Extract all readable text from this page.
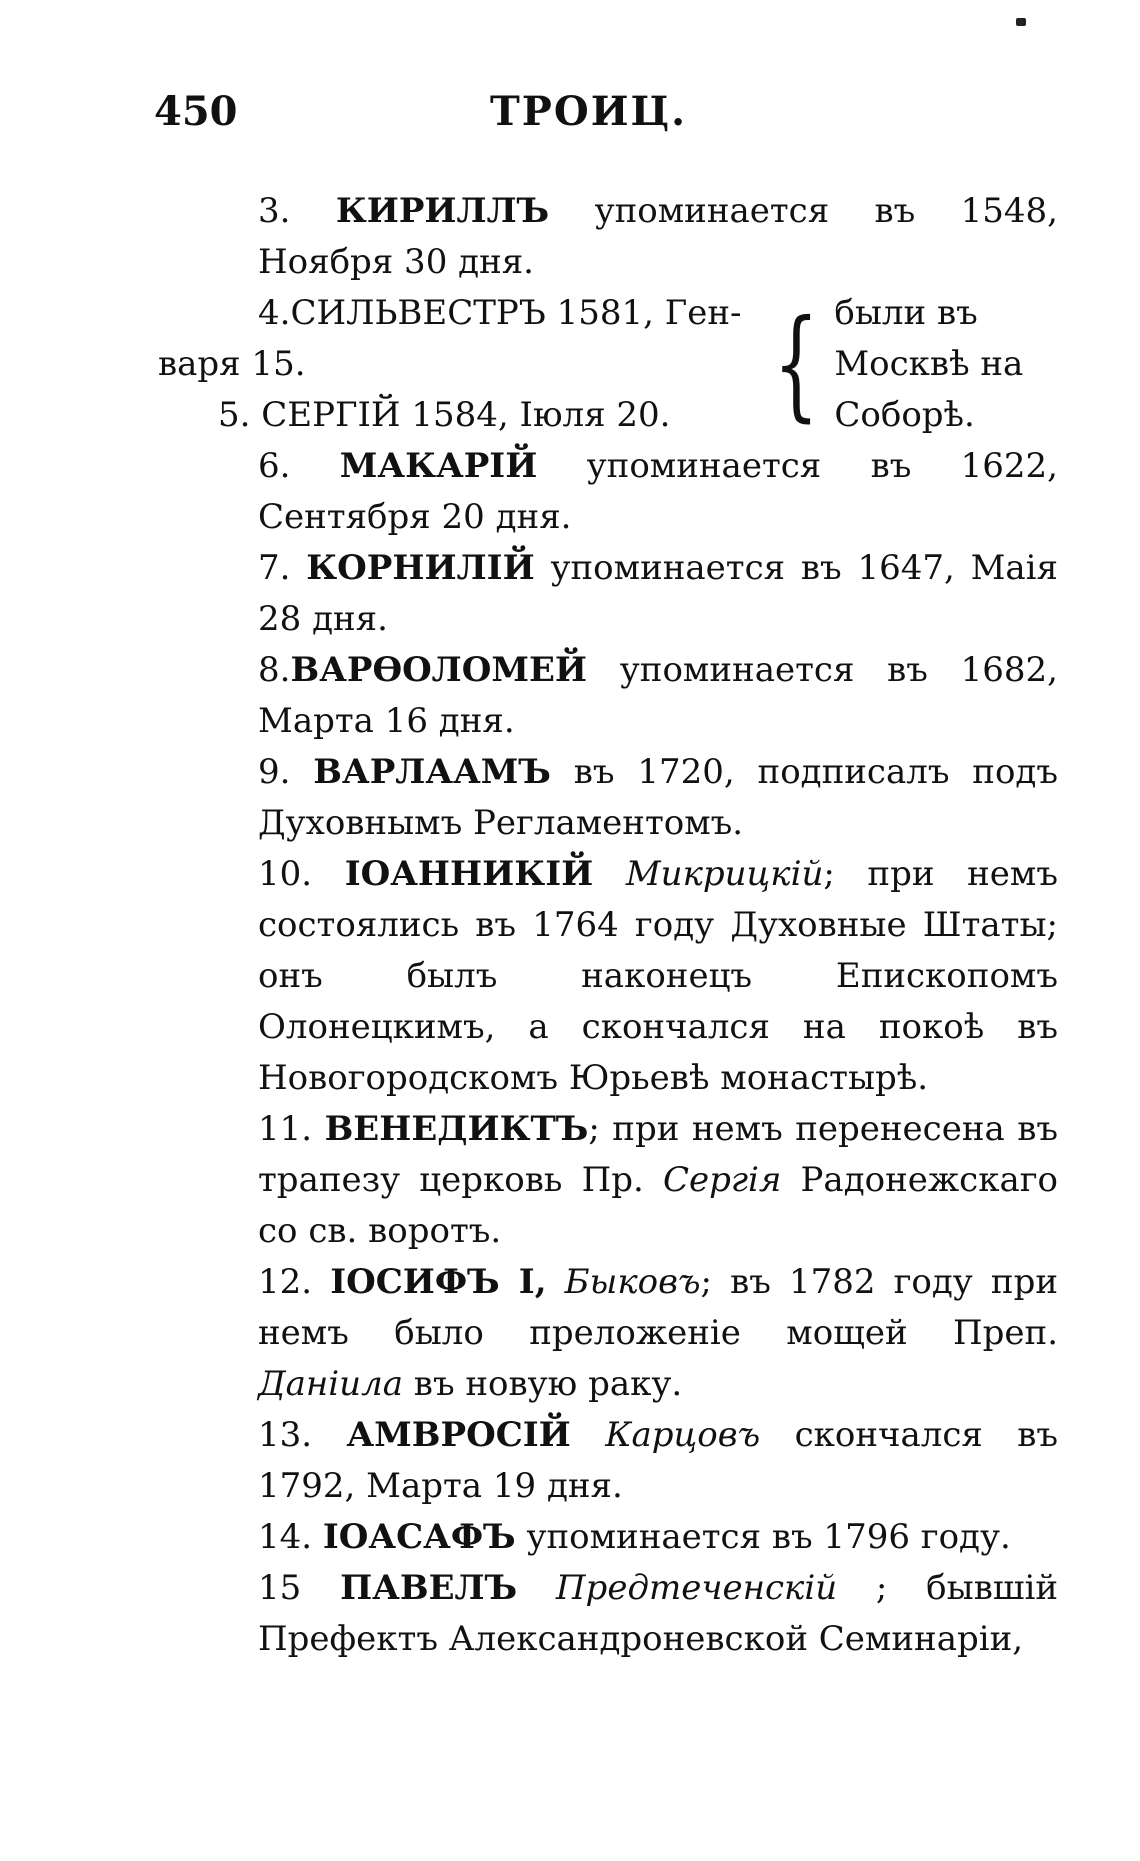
450	ТРОИЦ.
3. КИРИЛЛЪ упоминается въ 1548, Ноября 30 дня.
4.СИЛЬВЕСТРЪ 1581, Ген-
варя 15.
5. СЕРГІЙ 1584, Іюля 20. { были въ Москвѣ на Соборѣ.
6. МАКАРІЙ упоминается въ 1622, Сентября 20 дня.
7. КОРНИЛІЙ упоминается въ 1647, Маія 28 дня.
8.ВАРѲОЛОМЕЙ упоминается въ 1682, Марта 16 дня.
9. ВАРЛААМЪ въ 1720, подписалъ подъ Духовнымъ Регламентомъ.
10. ІОАННИКІЙ Микрицкій; при немъ состоялись въ 1764 году Духовные Штаты; онъ былъ наконецъ Епископомъ Олонецкимъ, а скончался на покоѣ въ Новогородскомъ Юрьевѣ монастырѣ.
11. ВЕНЕДИКТЪ; при немъ перенесена въ трапезу церковь Пр. Сергія Радонежскаго со св. воротъ.
12. ІОСИФЪ І, Быковъ; въ 1782 году при немъ было преложеніе мощей Преп. Даніила въ новую раку.
13. АМВРОСІЙ Карцовъ скончался въ 1792, Марта 19 дня.
14. ІОАСАФЪ упоминается въ 1796 году.
15 ПАВЕЛЪ Предтеченскій ; бывшій Префектъ Александроневской Семинаріи,
